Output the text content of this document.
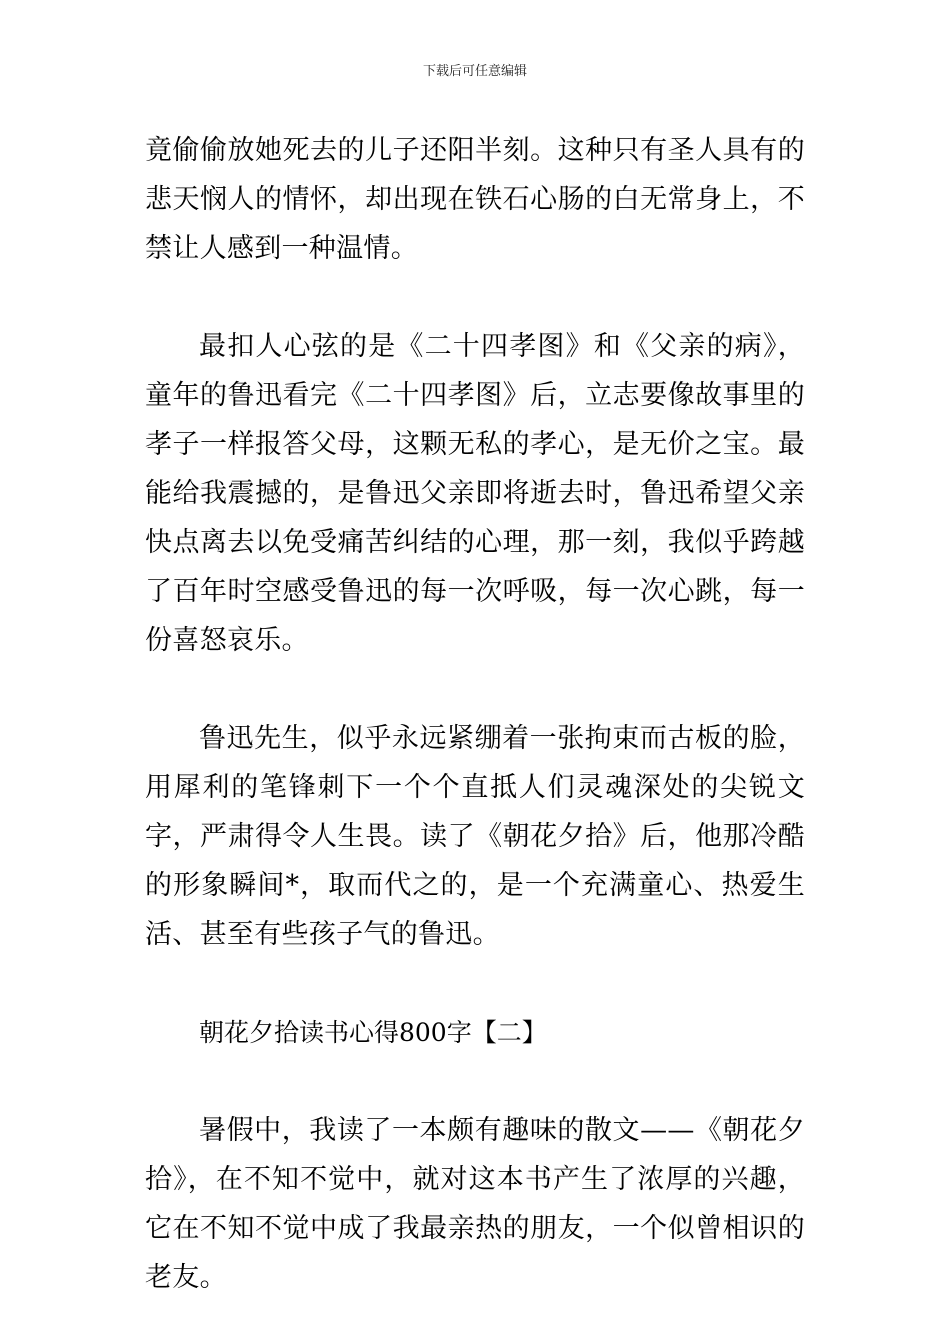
下载后可任意编辑

竟偷偷放她死去的儿子还阳半刻。这种只有圣人具有的悲天悯人的情怀，却出现在铁石心肠的白无常身上，不禁让人感到一种温情。

最扣人心弦的是《二十四孝图》和《父亲的病》，童年的鲁迅看完《二十四孝图》后，立志要像故事里的孝子一样报答父母，这颗无私的孝心，是无价之宝。最能给我震撼的，是鲁迅父亲即将逝去时，鲁迅希望父亲快点离去以免受痛苦纠结的心理，那一刻，我似乎跨越了百年时空感受鲁迅的每一次呼吸，每一次心跳，每一份喜怒哀乐。

鲁迅先生，似乎永远紧绷着一张拘束而古板的脸，用犀利的笔锋刺下一个个直抵人们灵魂深处的尖锐文字，严肃得令人生畏。读了《朝花夕拾》后，他那冷酷的形象瞬间*，取而代之的，是一个充满童心、热爱生活、甚至有些孩子气的鲁迅。

朝花夕拾读书心得800字【二】

暑假中，我读了一本颇有趣味的散文——《朝花夕拾》，在不知不觉中，就对这本书产生了浓厚的兴趣，它在不知不觉中成了我最亲热的朋友，一个似曾相识的老友。
